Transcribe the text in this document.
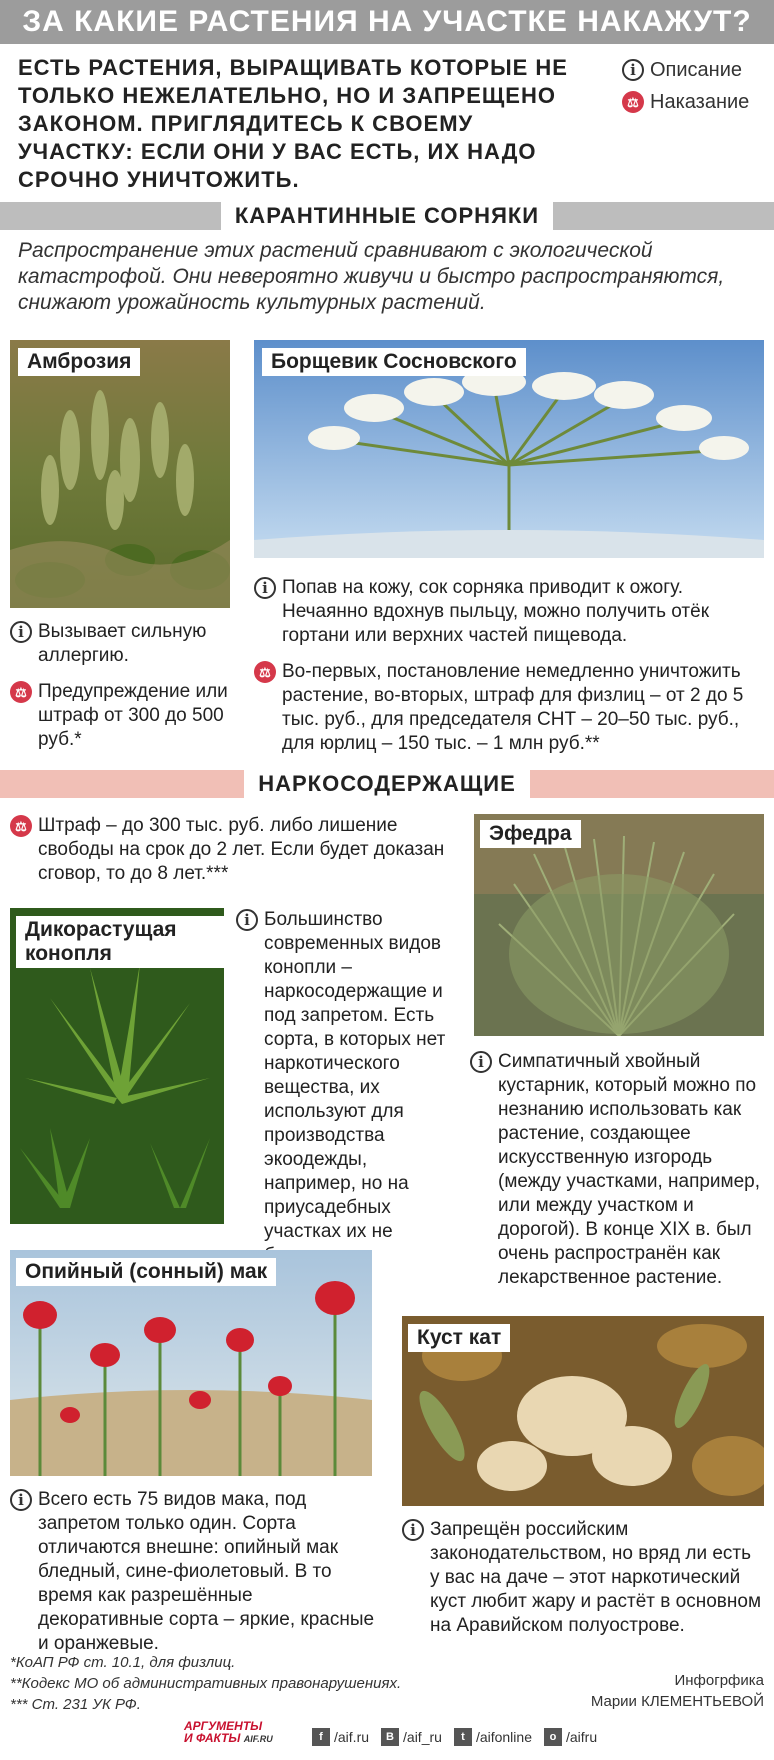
ЗА КАКИЕ РАСТЕНИЯ НА УЧАСТКЕ НАКАЖУТ?
ЕСТЬ РАСТЕНИЯ, ВЫРАЩИВАТЬ КОТОРЫЕ НЕ ТОЛЬКО НЕЖЕЛАТЕЛЬНО, НО И ЗАПРЕЩЕНО ЗАКОНОМ. ПРИГЛЯДИТЕСЬ К СВОЕМУ УЧАСТКУ: ЕСЛИ ОНИ У ВАС ЕСТЬ, ИХ НАДО СРОЧНО УНИЧТОЖИТЬ.
i Описание
⚖ Наказание
КАРАНТИННЫЕ СОРНЯКИ
Распространение этих растений сравнивают с экологической катастрофой. Они невероятно живучи и быстро распространяются, снижают урожайность культурных растений.
Амброзия
i Вызывает сильную аллергию.
⚖ Предупреждение или штраф от 300 до 500 руб.*
Борщевик Сосновского
i Попав на кожу, сок сорняка приводит к ожогу. Нечаянно вдохнув пыльцу, можно получить отёк гортани или верхних частей пищевода.
⚖ Во-первых, постановление немедленно уничтожить растение, во-вторых, штраф для физлиц – от 2 до 5 тыс. руб., для председателя СНТ – 20–50 тыс. руб., для юрлиц – 150 тыс. – 1 млн руб.**
НАРКОСОДЕРЖАЩИЕ
⚖ Штраф – до 300 тыс. руб. либо лишение свободы на срок до 2 лет. Если будет доказан сговор, то до 8 лет.***
Дикорастущая конопля
i Большинство современных видов конопли – наркосодержащие и под запретом. Есть сорта, в которых нет наркотического вещества, их используют для производства экоодежды, например, но на приусадебных участках их не
Эфедра
i Симпатичный хвойный кустарник, который можно по незнанию использовать как растение, создающее искусственную изгородь (между участками, например, или между участком и дорогой). В конце XIX в. был очень распространён как лекарственное растение.
Опийный (сонный) мак
i Всего есть 75 видов мака, под запретом только один. Сорта отличаются внешне: опийный мак бледный, сине-фиолетовый. В то время как разрешённые декоративные сорта – яркие, красные и оранжевые.
Куст кат
i Запрещён российским законодательством, но вряд ли есть у вас на даче – этот наркотический куст любит жару и растёт в основном на Аравийском полуострове.
*КоАП РФ ст. 10.1, для физлиц.
**Кодекс МО об административных правонарушениях.
*** Ст. 231 УК РФ.
Инфогрфика
Марии КЛЕМЕНТЬЕВОЙ
АРГУМЕНТЫ
И ФАКТЫ AIF.RU	f /aif.ru	B /aif_ru	t /aifonline	о /aifru
